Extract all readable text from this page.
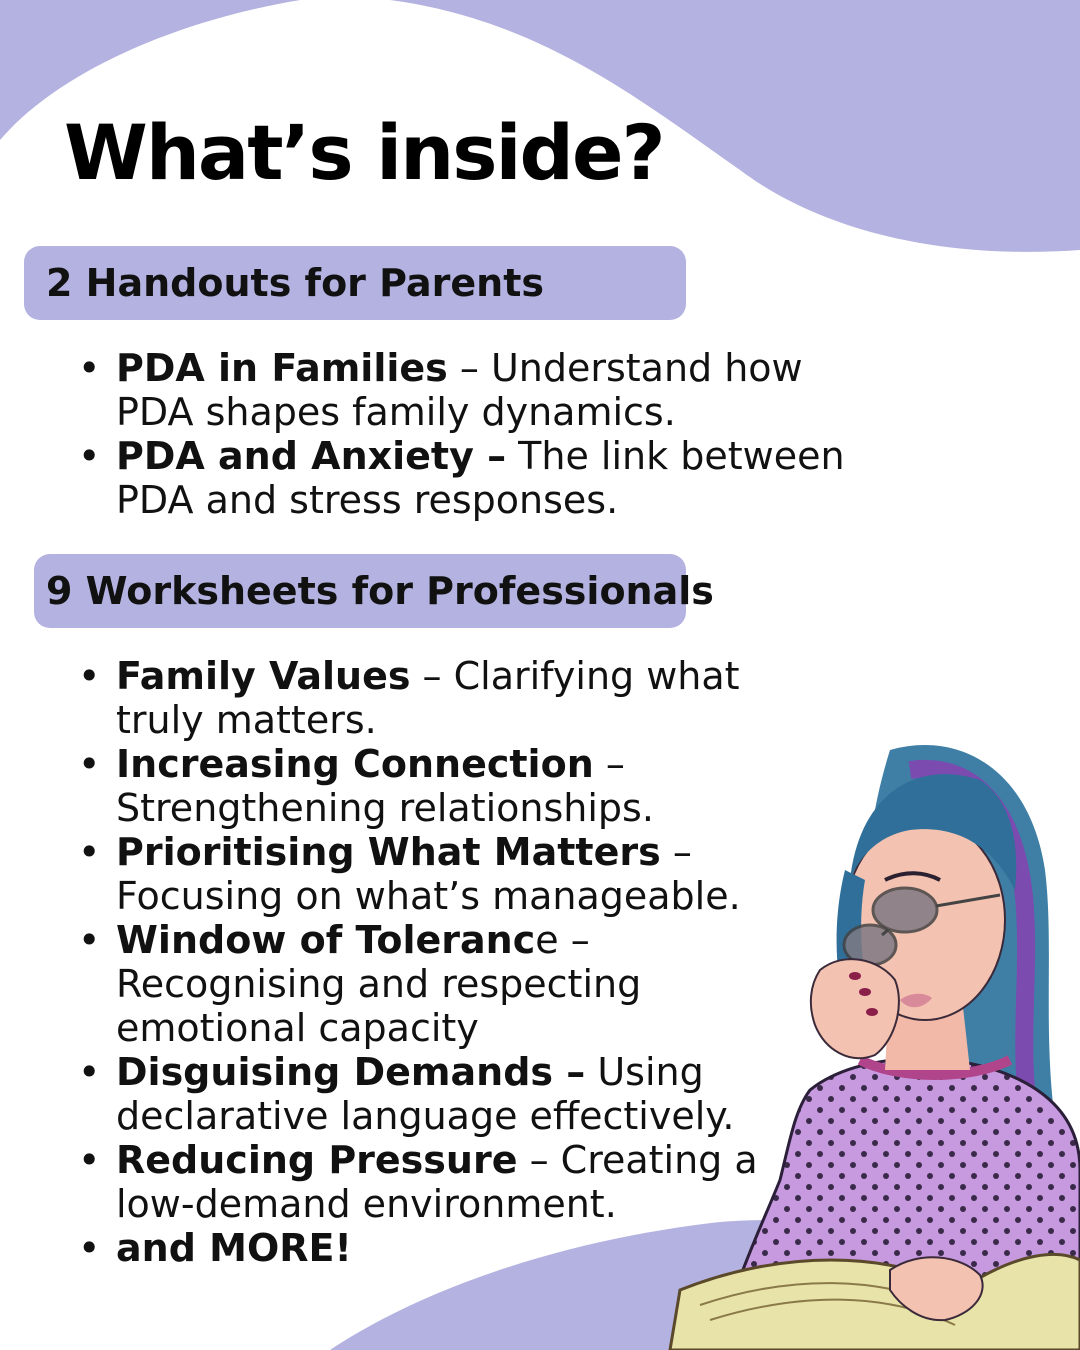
What’s inside?
2 Handouts for Parents
• PDA in Families – Understand how PDA shapes family dynamics.
• PDA and Anxiety – The link between PDA and stress responses.
9 Worksheets for Professionals
• Family Values – Clarifying what truly matters.
• Increasing Connection – Strengthening relationships.
• Prioritising What Matters – Focusing on what’s manageable.
• Window of Tolerance – Recognising and respecting emotional capacity
• Disguising Demands – Using declarative language effectively.
• Reducing Pressure – Creating a low-demand environment.
• and MORE!
